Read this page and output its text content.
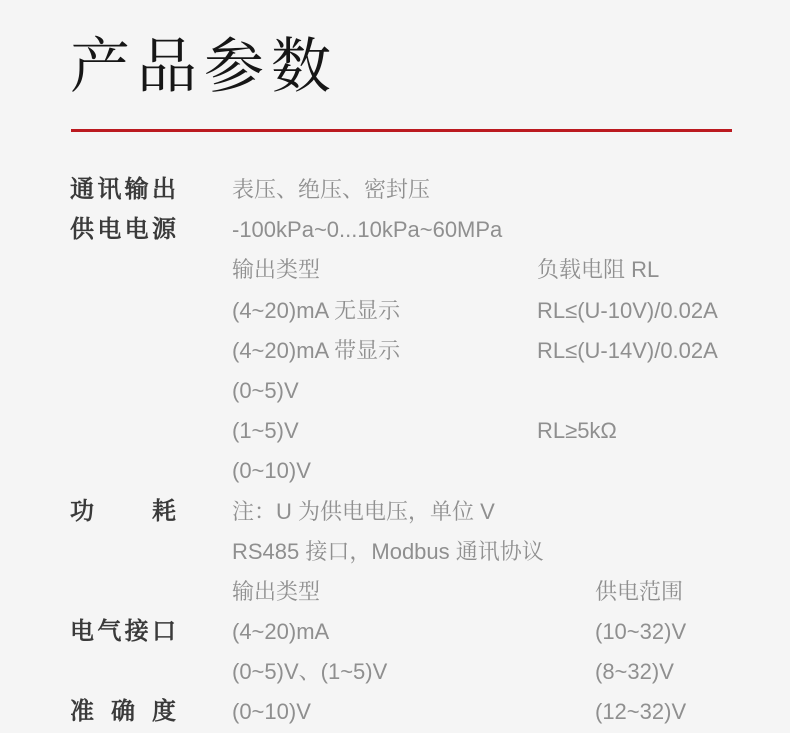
产品参数
通讯输出	表压、绝压、密封压
供电电源	-100kPa~0...10kPa~60MPa
输出类型	负载电阻 RL
(4~20)mA 无显示	RL≤(U-10V)/0.02A
(4~20)mA 带显示	RL≤(U-14V)/0.02A
(0~5)V
(1~5)V	RL≥5kΩ
(0~10)V
功耗	注：U 为供电电压，单位 V
RS485 接口，Modbus 通讯协议
输出类型	供电范围
电气接口	(4~20)mA	(10~32)V
(0~5)V、(1~5)V	(8~32)V
准确度	(0~10)V	(12~32)V
